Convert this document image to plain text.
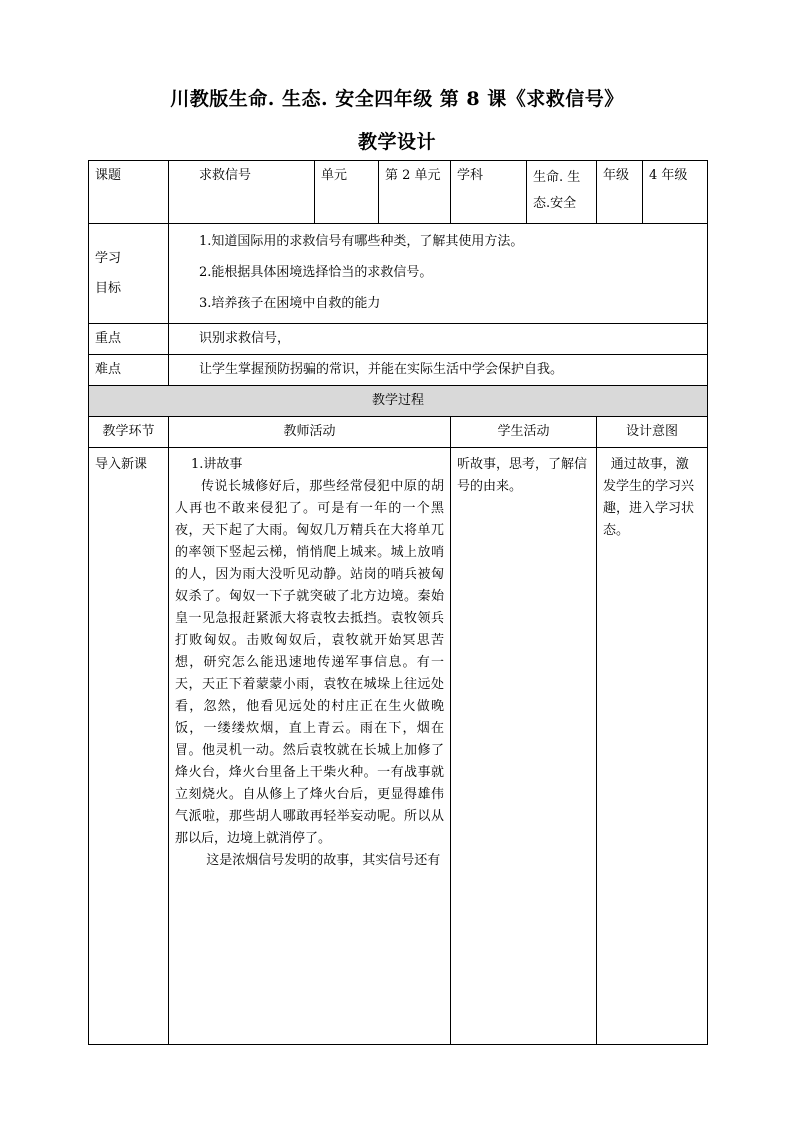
川教版生命. 生态. 安全四年级 第 8 课《求救信号》
教学设计
课题	求救信号	单元	第 2 单元	学科	生命. 生态.安全	年级	4 年级

学习目标	1.知道国际用的求救信号有哪些种类，了解其使用方法。
2.能根据具体困境选择恰当的求救信号。
3.培养孩子在困境中自救的能力						

重点	识别求救信号，						
难点	让学生掌握预防拐骗的常识，并能在实际生活中学会保护自我。						
教学过程							
教学环节	教师活动			学生活动		设计意图	
导入新课	1.讲故事

传说长城修好后，那些经常侵犯中原的胡人再也不敢来侵犯了。可是有一年的一个黑夜，天下起了大雨。匈奴几万精兵在大将单兀的率领下竖起云梯，悄悄爬上城来。城上放哨的人，因为雨大没听见动静。站岗的哨兵被匈奴杀了。匈奴一下子就突破了北方边境。秦始皇一见急报赶紧派大将袁牧去抵挡。袁牧领兵打败匈奴。击败匈奴后，袁牧就开始冥思苦想，研究怎么能迅速地传递军事信息。有一天，天正下着蒙蒙小雨，袁牧在城垛上往远处看，忽然，他看见远处的村庄正在生火做晚饭，一缕缕炊烟，直上青云。雨在下，烟在冒。他灵机一动。然后袁牧就在长城上加修了烽火台，烽火台里备上干柴火种。一有战事就立刻烧火。自从修上了烽火台后，更显得雄伟气派啦，那些胡人哪敢再轻举妄动呢。所以从那以后，边境上就消停了。

这是浓烟信号发明的故事，其实信号还有			听故事，思考，了解信号的由来。		通过故事，激发学生的学习兴趣，进入学习状态。	
